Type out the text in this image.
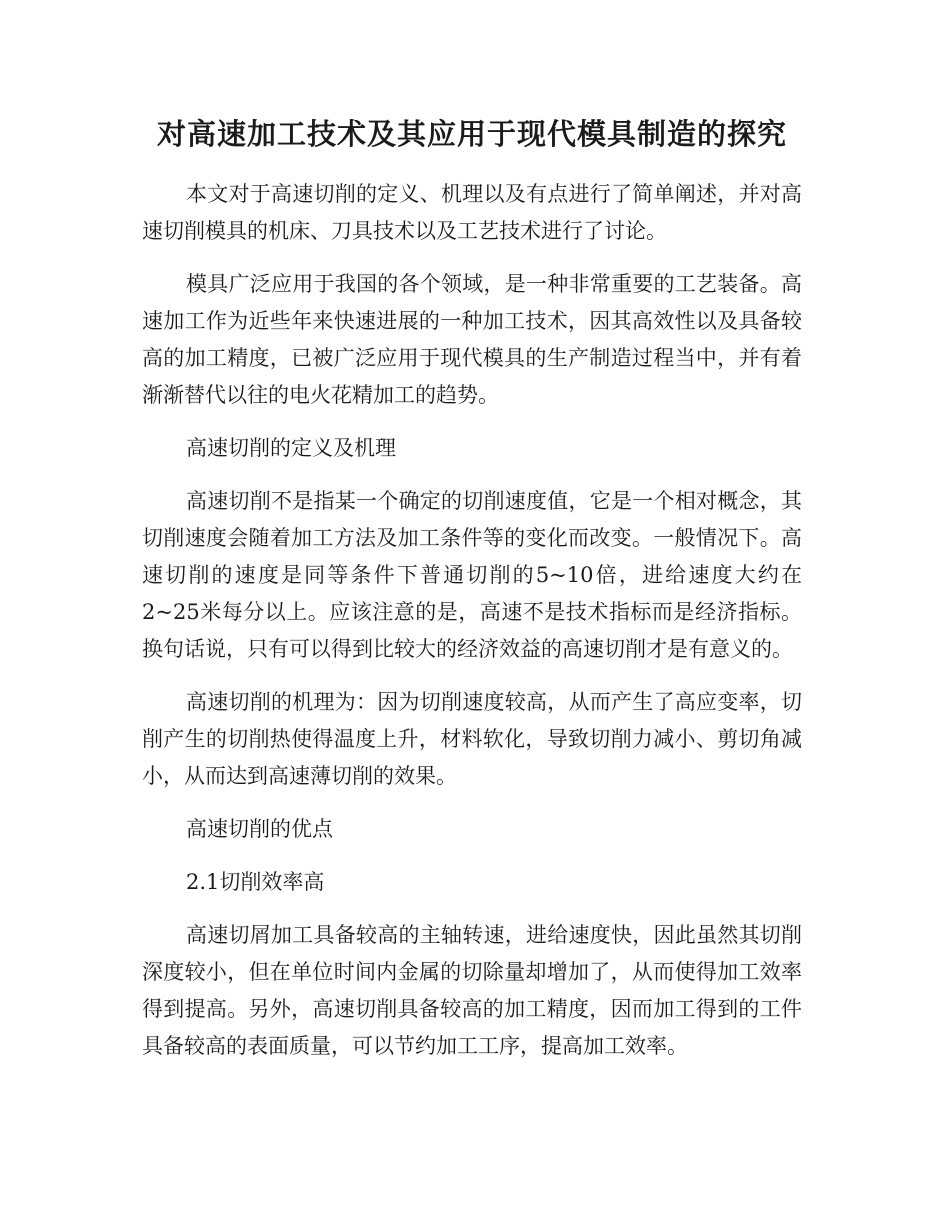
对高速加工技术及其应用于现代模具制造的探究

本文对于高速切削的定义、机理以及有点进行了简单阐述，并对高速切削模具的机床、刀具技术以及工艺技术进行了讨论。

模具广泛应用于我国的各个领域，是一种非常重要的工艺装备。高速加工作为近些年来快速进展的一种加工技术，因其高效性以及具备较高的加工精度，已被广泛应用于现代模具的生产制造过程当中，并有着渐渐替代以往的电火花精加工的趋势。

高速切削的定义及机理

高速切削不是指某一个确定的切削速度值，它是一个相对概念，其切削速度会随着加工方法及加工条件等的变化而改变。一般情况下。高速切削的速度是同等条件下普通切削的5~10倍，进给速度大约在2~25米每分以上。应该注意的是，高速不是技术指标而是经济指标。换句话说，只有可以得到比较大的经济效益的高速切削才是有意义的。

高速切削的机理为：因为切削速度较高，从而产生了高应变率，切削产生的切削热使得温度上升，材料软化，导致切削力减小、剪切角减小，从而达到高速薄切削的效果。

高速切削的优点

2.1切削效率高

高速切屑加工具备较高的主轴转速，进给速度快，因此虽然其切削深度较小，但在单位时间内金属的切除量却增加了，从而使得加工效率得到提高。另外，高速切削具备较高的加工精度，因而加工得到的工件具备较高的表面质量，可以节约加工工序，提高加工效率。
